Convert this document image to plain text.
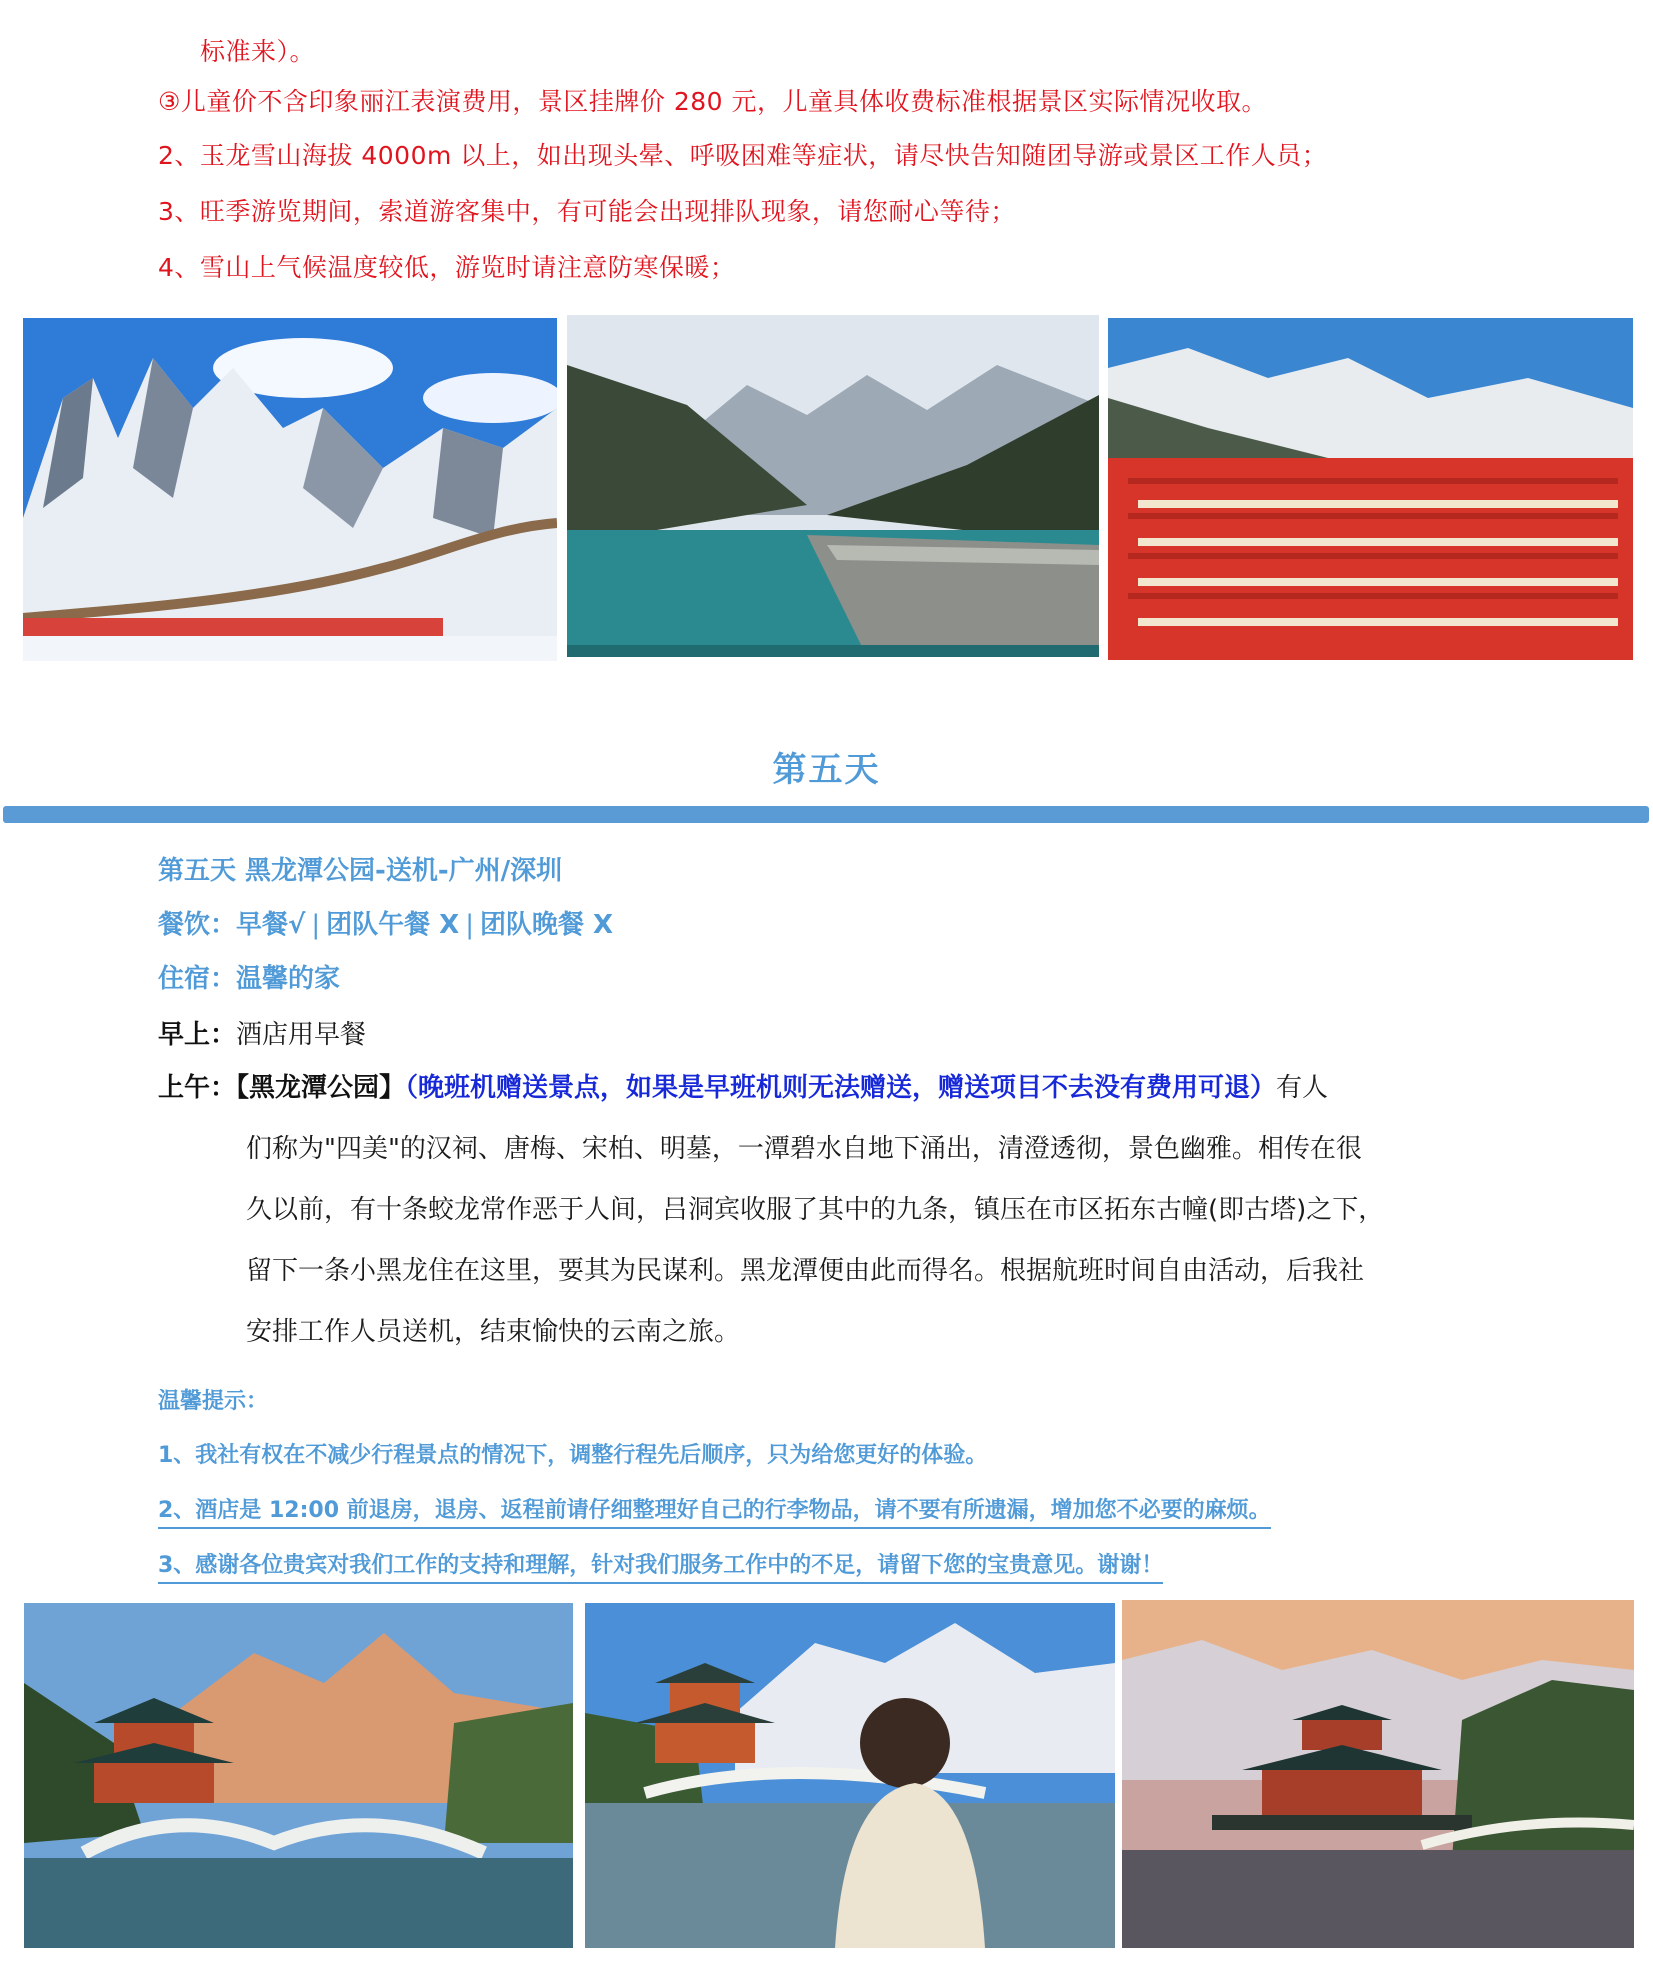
标准来）。
③儿童价不含印象丽江表演费用，景区挂牌价 280 元，儿童具体收费标准根据景区实际情况收取。
2、玉龙雪山海拔 4000m 以上，如出现头晕、呼吸困难等症状，请尽快告知随团导游或景区工作人员；
3、旺季游览期间，索道游客集中，有可能会出现排队现象，请您耐心等待；
4、雪山上气候温度较低，游览时请注意防寒保暖；
第五天
第五天 黑龙潭公园-送机-广州/深圳
餐饮：早餐√ | 团队午餐 X | 团队晚餐 X
住宿：温馨的家
早上：酒店用早餐
上午：【黑龙潭公园】（晚班机赠送景点，如果是早班机则无法赠送，赠送项目不去没有费用可退）有人
们称为"四美"的汉祠、唐梅、宋柏、明墓，一潭碧水自地下涌出，清澄透彻，景色幽雅。相传在很
久以前，有十条蛟龙常作恶于人间，吕洞宾收服了其中的九条，镇压在市区拓东古幢(即古塔)之下，
留下一条小黑龙住在这里，要其为民谋利。黑龙潭便由此而得名。根据航班时间自由活动，后我社
安排工作人员送机，结束愉快的云南之旅。
温馨提示：
1、我社有权在不减少行程景点的情况下，调整行程先后顺序，只为给您更好的体验。
2、酒店是 12:00 前退房，退房、返程前请仔细整理好自己的行李物品，请不要有所遗漏，增加您不必要的麻烦。
3、感谢各位贵宾对我们工作的支持和理解，针对我们服务工作中的不足，请留下您的宝贵意见。谢谢！
